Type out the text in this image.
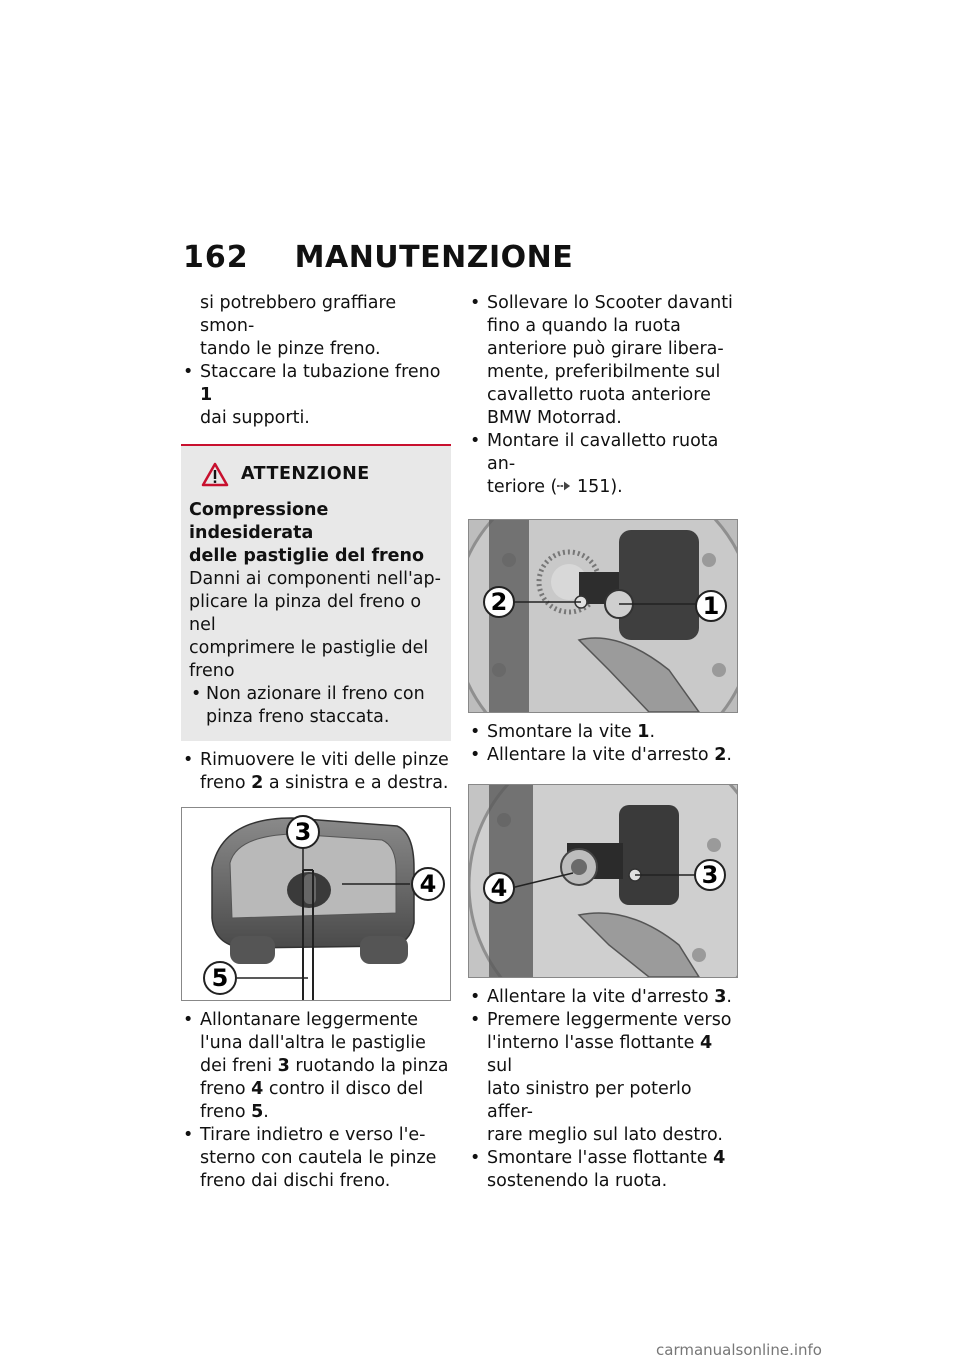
162 MANUTENZIONE

si potrebbero graffiare smon-
tando le pinze freno.

• Staccare la tubazione freno 1
dai supporti.

ATTENZIONE
Compressione indesiderata
delle pastiglie del freno
Danni ai componenti nell'ap-
plicare la pinza del freno o nel
comprimere le pastiglie del
freno
• Non azionare il freno con
pinza freno staccata.

• Rimuovere le viti delle pinze
freno 2 a sinistra e a destra.

3
4
5

• Allontanare leggermente
l'una dall'altra le pastiglie
dei freni 3 ruotando la pinza
freno 4 contro il disco del
freno 5.

• Tirare indietro e verso l'e-
sterno con cautela le pinze
freno dai dischi freno.

• Sollevare lo Scooter davanti
fino a quando la ruota
anteriore può girare libera-
mente, preferibilmente sul
cavalletto ruota anteriore
BMW Motorrad.

• Montare il cavalletto ruota an-
teriore ( 151).

2	1

• Smontare la vite 1.

• Allentare la vite d'arresto 2.

4	3

• Allentare la vite d'arresto 3.

• Premere leggermente verso
l'interno l'asse flottante 4 sul
lato sinistro per poterlo affer-
rare meglio sul lato destro.

• Smontare l'asse flottante 4
sostenendo la ruota.

carmanualsonline.info
